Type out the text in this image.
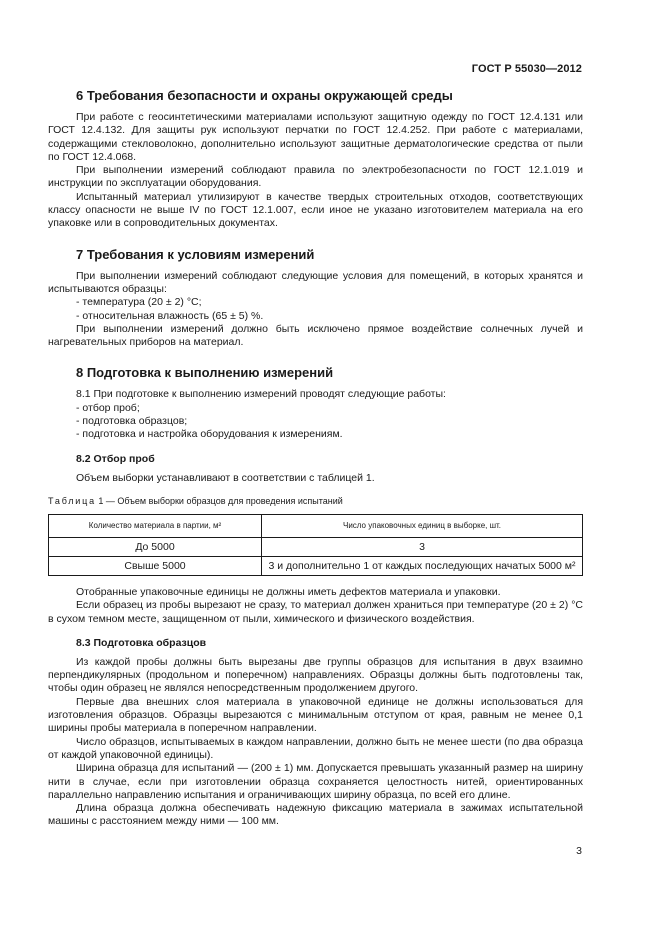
ГОСТ Р 55030—2012
6 Требования безопасности и охраны окружающей среды

При работе с геосинтетическими материалами используют защитную одежду по ГОСТ 12.4.131 или ГОСТ 12.4.132. Для защиты рук используют перчатки по ГОСТ 12.4.252. При работе с материалами, содержащими стекловолокно, дополнительно используют защитные дерматологические средства от пыли по ГОСТ 12.4.068.

При выполнении измерений соблюдают правила по электробезопасности по ГОСТ 12.1.019 и инструкции по эксплуатации оборудования.

Испытанный материал утилизируют в качестве твердых строительных отходов, соответствующих классу опасности не выше IV по ГОСТ 12.1.007, если иное не указано изготовителем материала на его упаковке или в сопроводительных документах.

7 Требования к условиям измерений

При выполнении измерений соблюдают следующие условия для помещений, в которых хранятся и испытываются образцы:

- температура (20 ± 2) °С;
- относительная влажность (65 ± 5) %.

При выполнении измерений должно быть исключено прямое воздействие солнечных лучей и нагревательных приборов на материал.

8 Подготовка к выполнению измерений

8.1 При подготовке к выполнению измерений проводят следующие работы:

- отбор проб;
- подготовка образцов;
- подготовка и настройка оборудования к измерениям.
8.2 Отбор проб

Объем выборки устанавливают в соответствии с таблицей 1.

Таблица 1 — Объем выборки образцов для проведения испытаний
Количество материала в партии, м²	Число упаковочных единиц в выборке, шт.
До 5000	3
Свыше 5000	3 и дополнительно 1 от каждых последующих начатых 5000 м²

Отобранные упаковочные единицы не должны иметь дефектов материала и упаковки.

Если образец из пробы вырезают не сразу, то материал должен храниться при температуре (20 ± 2) °С в сухом темном месте, защищенном от пыли, химического и физического воздействия.

8.3 Подготовка образцов

Из каждой пробы должны быть вырезаны две группы образцов для испытания в двух взаимно перпендикулярных (продольном и поперечном) направлениях. Образцы должны быть подготовлены так, чтобы один образец не являлся непосредственным продолжением другого.

Первые два внешних слоя материала в упаковочной единице не должны использоваться для изготовления образцов. Образцы вырезаются с минимальным отступом от края, равным не менее 0,1 ширины пробы материала в поперечном направлении.

Число образцов, испытываемых в каждом направлении, должно быть не менее шести (по два образца от каждой упаковочной единицы).

Ширина образца для испытаний — (200 ± 1) мм. Допускается превышать указанный размер на ширину нити в случае, если при изготовлении образца сохраняется целостность нитей, ориентированных параллельно направлению испытания и ограничивающих ширину образца, по всей его длине.

Длина образца должна обеспечивать надежную фиксацию материала в зажимах испытательной машины с расстоянием между ними — 100 мм.

3
